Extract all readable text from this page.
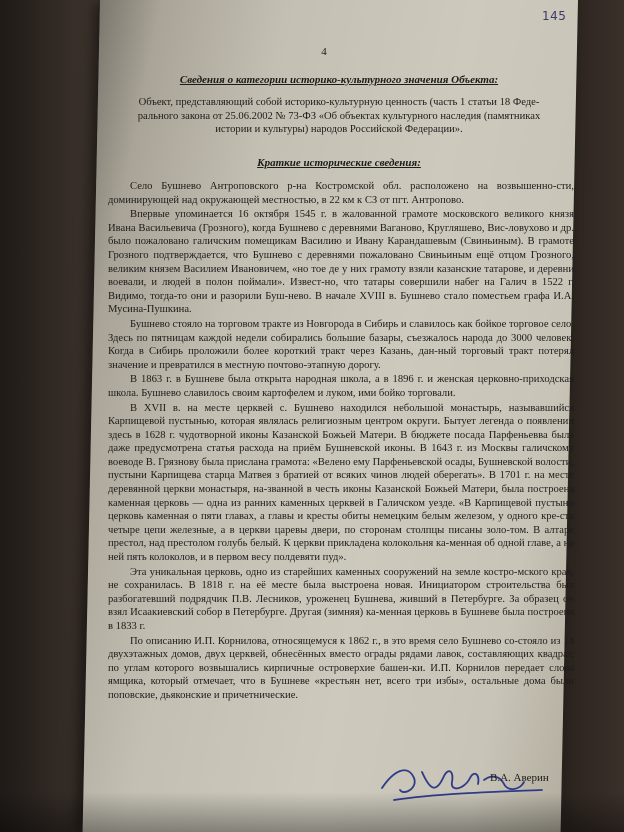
145
4
Сведения о категории историко-культурного значения Объекта:
Объект, представляющий собой историко-культурную ценность (часть 1 статьи 18 Феде-
рального закона от 25.06.2002 № 73-ФЗ «Об объектах культурного наследия (памятниках
истории и культуры) народов Российской Федерации».
Краткие исторические сведения:

Село Бушнево Антроповского р-на Костромской обл. расположено на возвышенно-сти, доминирующей над окружающей местностью, в 22 км к СЗ от пгт. Антропово.

Впервые упоминается 16 октября 1545 г. в жалованной грамоте московского великого князя Ивана Васильевича (Грозного), когда Бушнево с деревнями Ваганово, Кругляшево, Вис-ловухово и др. было пожаловано галичским помещикам Василию и Ивану Карандашевым (Свиньиным). В грамоте Грозного подтверждается, что Бушнево с деревнями пожаловано Свиньиным ещё отцом Грозного, великим князем Василием Ивановичем, «но тое де у них грамоту взяли казанские татарове, и деревни воевали, и людей в полон поймали». Извест-но, что татары совершили набег на Галич в 1522 г. Видимо, тогда-то они и разорили Буш-нево. В начале XVIII в. Бушнево стало поместьем графа И.А. Мусина-Пушкина.

Бушнево стояло на торговом тракте из Новгорода в Сибирь и славилось как бойкое торговое село. Здесь по пятницам каждой недели собирались большие базары, съезжалось народа до 3000 человек. Когда в Сибирь проложили более короткий тракт через Казань, дан-ный торговый тракт потерял значение и превратился в местную почтово-этапную дорогу.

В 1863 г. в Бушневе была открыта народная школа, а в 1896 г. и женская церковно-приходская школа. Бушнево славилось своим картофелем и луком, ими бойко торговали.

В XVII в. на месте церквей с. Бушнево находился небольшой монастырь, называвшийся Карпищевой пустынью, которая являлась религиозным центром округи. Бытует легенда о появлении здесь в 1628 г. чудотворной иконы Казанской Божьей Матери. В бюджете посада Парфеньевва была даже предусмотрена статья расхода на приём Бушневской иконы. В 1643 г. из Москвы галичскому воеводе В. Грязнову была прислана грамота: «Велено ему Парфеньевской осады, Бушневской волости, пустыни Карпищева старца Матвея з братией от всяких чинов людей оберегать». В 1701 г. на месте деревянной церкви монастыря, на-званной в честь иконы Казанской Божьей Матери, была построена каменная церковь — одна из ранних каменных церквей в Галичском уезде. «В Карпищевой пустыни церковь каменная о пяти главах, а главы и кресты обиты немецким белым железом, у одного кре-ста четыре цепи железные, а в церкви царевы двери, по сторонам столпцы писаны золо-том. В алтаре престол, над престолом голубь белый. К церкви прикладена колокольня ка-менная об одной главе, а на ней пять колоколов, и в первом весу полдевяти пуд».

Эта уникальная церковь, одно из старейших каменных сооружений на земле костро-мского края, не сохранилась. В 1818 г. на её месте была выстроена новая. Инициатором строительства был разбогатевший подрядчик П.В. Лесников, уроженец Бушнева, живший в Петербурге. За образец он взял Исаакиевский собор в Петербурге. Другая (зимняя) ка-менная церковь в Бушневе была построена в 1833 г.

По описанию И.П. Корнилова, относящемуся к 1862 г., в это время село Бушнево со-стояло из 14 двухэтажных домов, двух церквей, обнесённых вместо ограды рядами лавок, составляющих квадрат, по углам которого возвышались кирпичные островерхие башен-ки. И.П. Корнилов передает слова ямщика, который отмечает, что в Бушневе «крестьян нет, всего три избы», остальные дома были поповские, дьяконские и причетнические.

В.А. Аверин
